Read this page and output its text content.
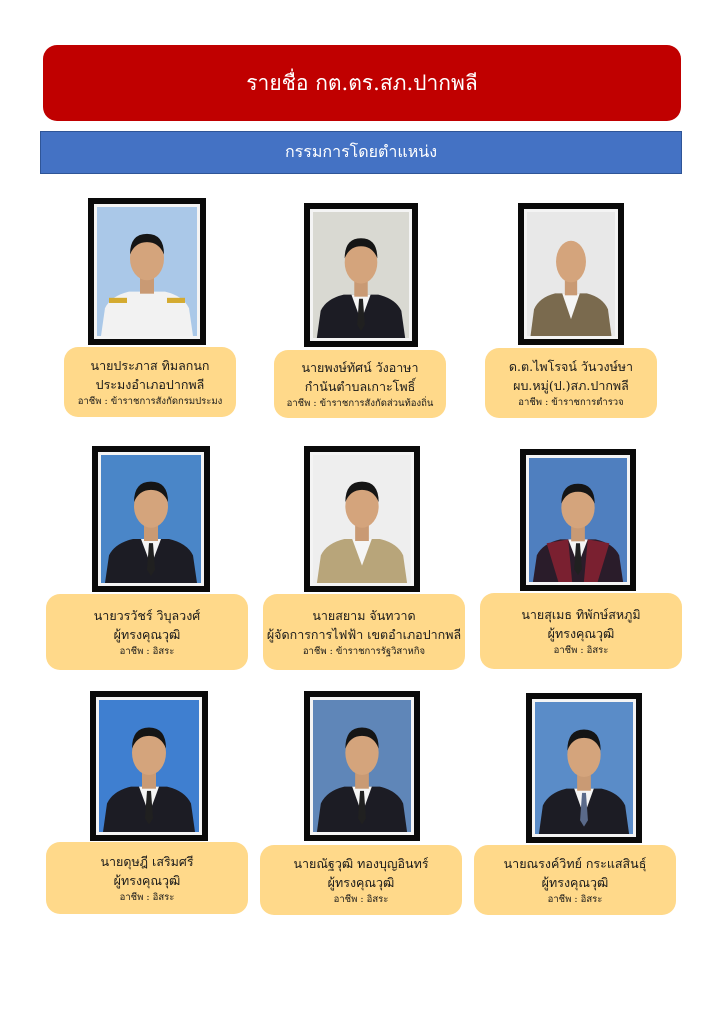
รายชื่อ กต.ตร.สภ.ปากพลี
กรรมการโดยตำแหน่ง
นายประภาส ทิมลกนก
ประมงอำเภอปากพลี
อาชีพ : ข้าราชการสังกัดกรมประมง
นายพงษ์ทัศน์ วังอาษา
กำนันตำบลเกาะโพธิ์
อาชีพ : ข้าราชการสังกัดส่วนท้องถิ่น
ด.ต.ไพโรจน์ วันวงษ์ษา
ผบ.หมู่(ป.)สภ.ปากพลี
อาชีพ : ข้าราชการตำรวจ
นายวรวัชร์ วิบุลวงศ์
ผู้ทรงคุณวุฒิ
อาชีพ : อิสระ
นายสยาม จันทวาด
ผู้จัดการการไฟฟ้า เขตอำเภอปากพลี
อาชีพ : ข้าราชการรัฐวิสาหกิจ
นายสุเมธ ทิพักษ์สหภูมิ
ผู้ทรงคุณวุฒิ
อาชีพ : อิสระ
นายดุษฎี เสริมศรี
ผู้ทรงคุณวุฒิ
อาชีพ : อิสระ
นายณัฐวุฒิ ทองบุญอินทร์
ผู้ทรงคุณวุฒิ
อาชีพ : อิสระ
นายณรงค์วิทย์ กระแสสินธุ์
ผู้ทรงคุณวุฒิ
อาชีพ : อิสระ
